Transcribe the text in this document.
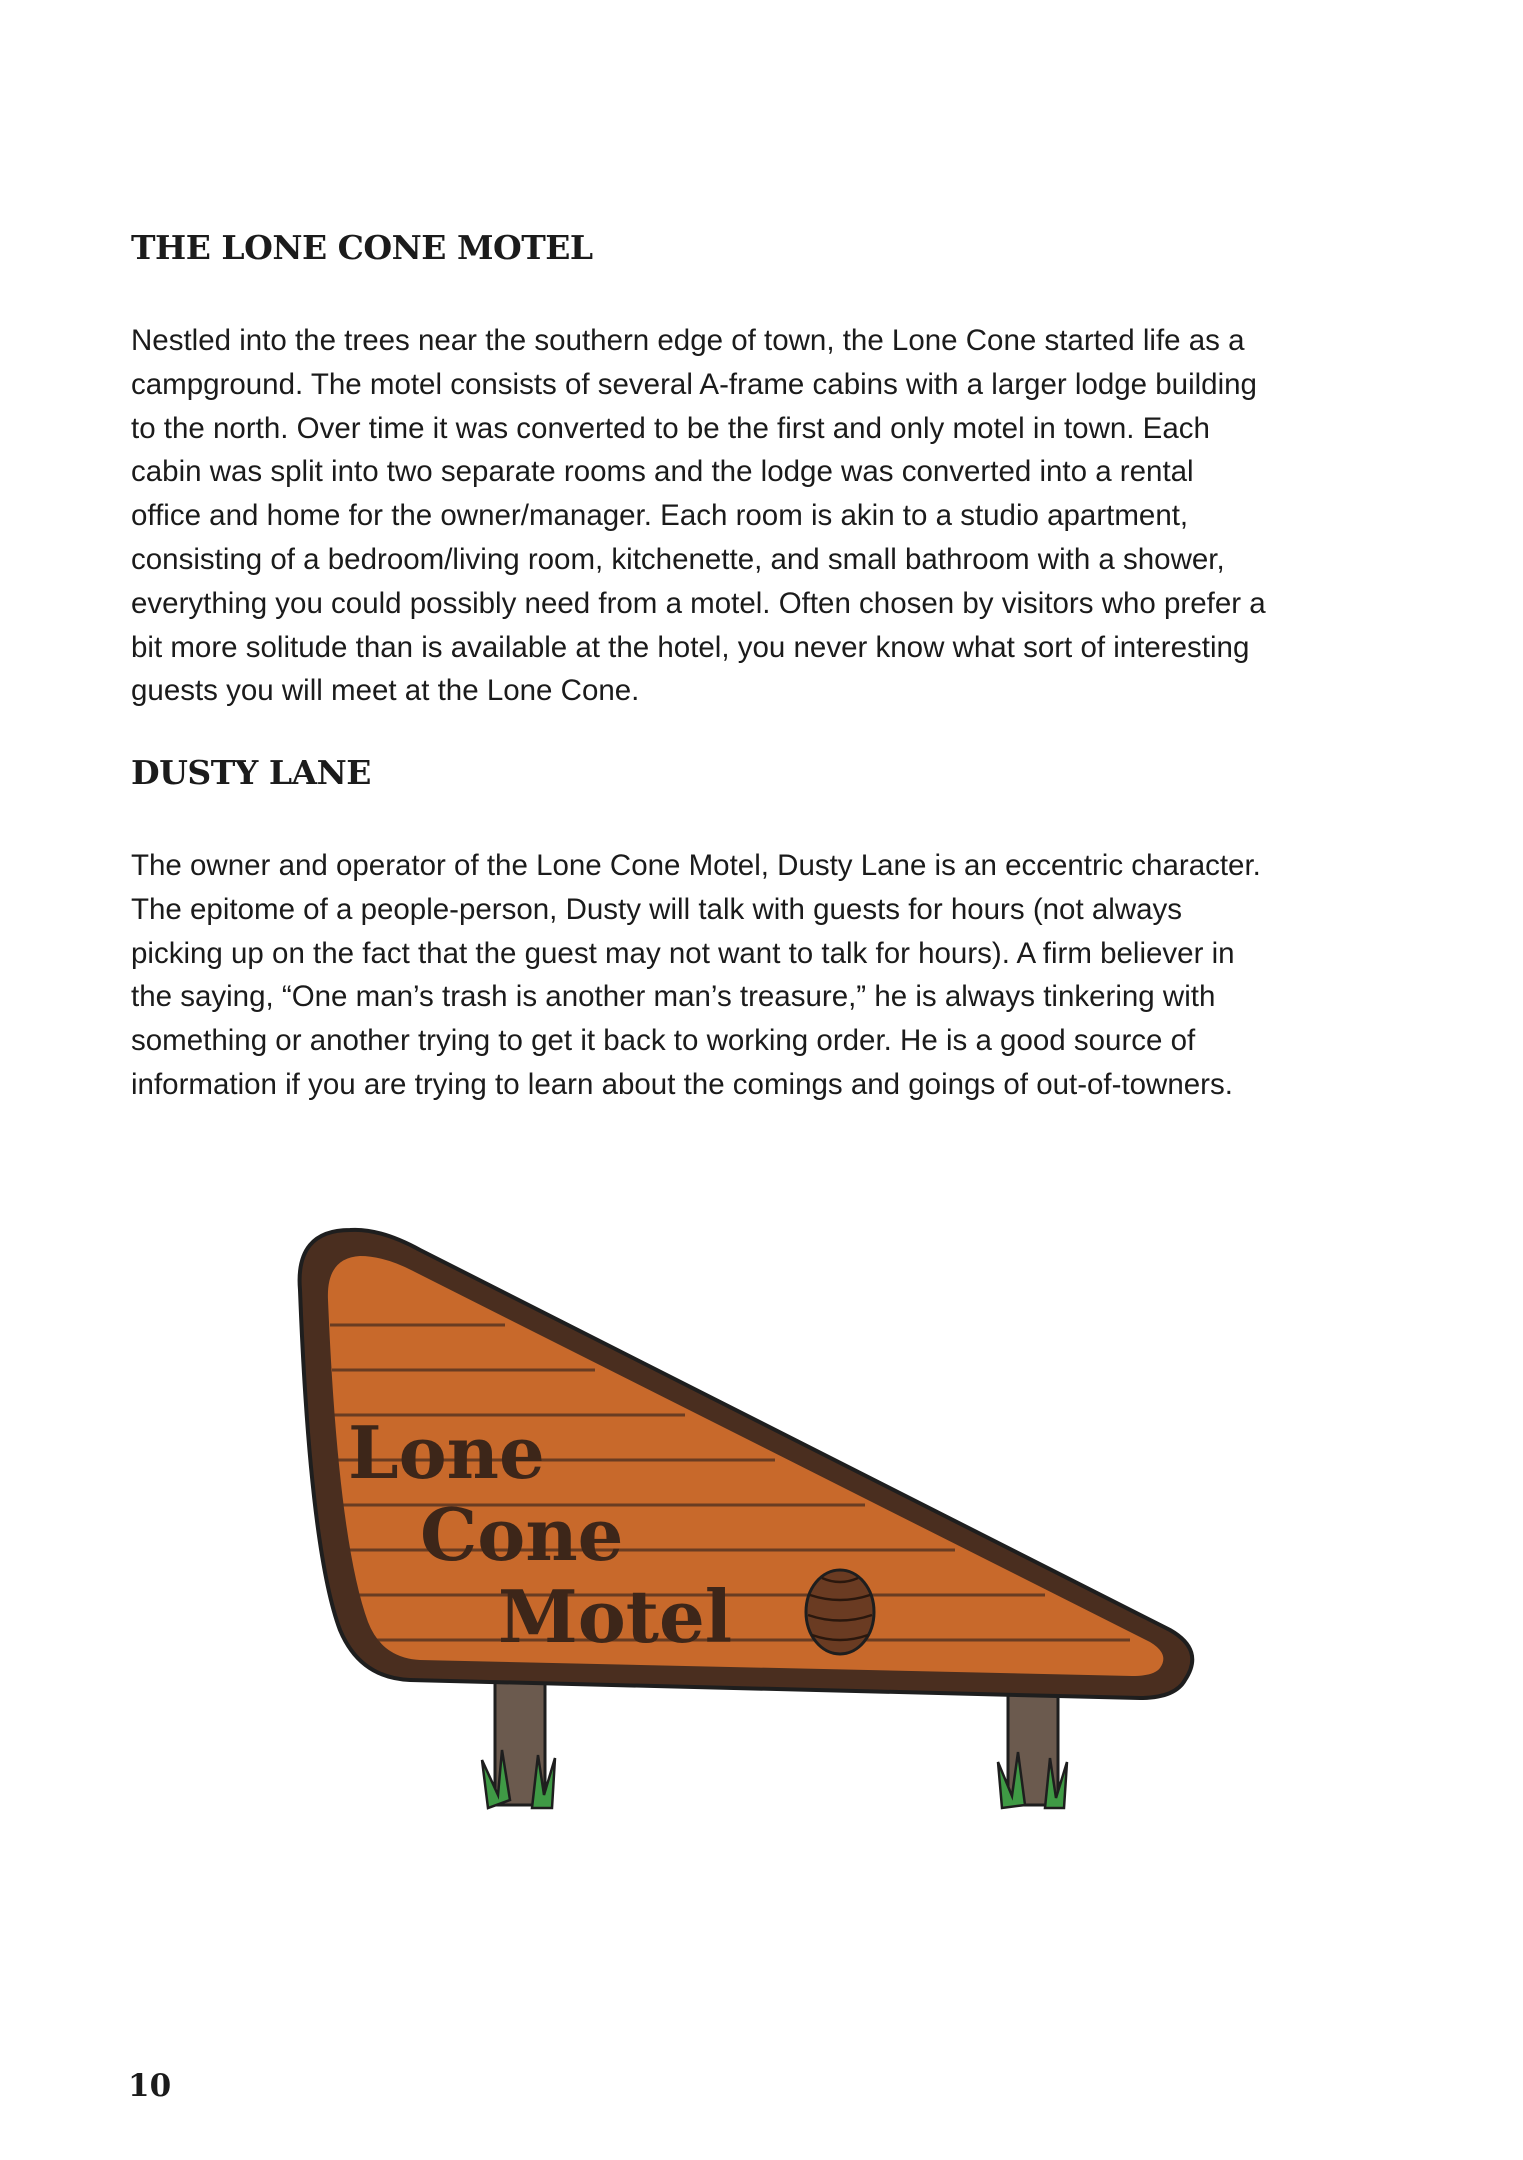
THE LONE CONE MOTEL

Nestled into the trees near the southern edge of town, the Lone Cone started life as a
campground. The motel consists of several A-frame cabins with a larger lodge building
to the north. Over time it was converted to be the first and only motel in town. Each
cabin was split into two separate rooms and the lodge was converted into a rental
office and home for the owner/manager. Each room is akin to a studio apartment,
consisting of a bedroom/living room, kitchenette, and small bathroom with a shower,
everything you could possibly need from a motel. Often chosen by visitors who prefer a
bit more solitude than is available at the hotel, you never know what sort of interesting
guests you will meet at the Lone Cone.

DUSTY LANE

The owner and operator of the Lone Cone Motel, Dusty Lane is an eccentric character.
The epitome of a people-person, Dusty will talk with guests for hours (not always
picking up on the fact that the guest may not want to talk for hours). A firm believer in
the saying, “One man’s trash is another man’s treasure,” he is always tinkering with
something or another trying to get it back to working order. He is a good source of
information if you are trying to learn about the comings and goings of out-of-towners.

Lone
Cone
Motel

10
